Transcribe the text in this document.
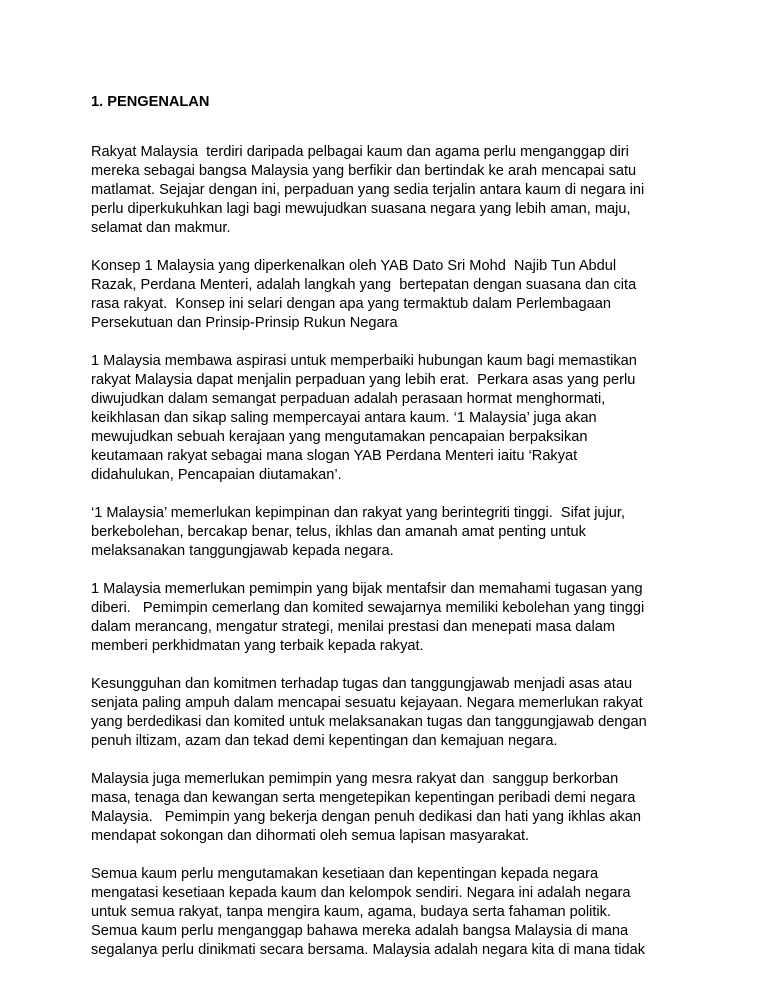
1. PENGENALAN
Rakyat Malaysia  terdiri daripada pelbagai kaum dan agama perlu menganggap diri
mereka sebagai bangsa Malaysia yang berfikir dan bertindak ke arah mencapai satu
matlamat. Sejajar dengan ini, perpaduan yang sedia terjalin antara kaum di negara ini
perlu diperkukuhkan lagi bagi mewujudkan suasana negara yang lebih aman, maju,
selamat dan makmur.
Konsep 1 Malaysia yang diperkenalkan oleh YAB Dato Sri Mohd  Najib Tun Abdul
Razak, Perdana Menteri, adalah langkah yang  bertepatan dengan suasana dan cita
rasa rakyat.  Konsep ini selari dengan apa yang termaktub dalam Perlembagaan
Persekutuan dan Prinsip-Prinsip Rukun Negara
1 Malaysia membawa aspirasi untuk memperbaiki hubungan kaum bagi memastikan
rakyat Malaysia dapat menjalin perpaduan yang lebih erat.  Perkara asas yang perlu
diwujudkan dalam semangat perpaduan adalah perasaan hormat menghormati,
keikhlasan dan sikap saling mempercayai antara kaum. ‘1 Malaysia’ juga akan
mewujudkan sebuah kerajaan yang mengutamakan pencapaian berpaksikan
keutamaan rakyat sebagai mana slogan YAB Perdana Menteri iaitu ‘Rakyat
didahulukan, Pencapaian diutamakan’.
‘1 Malaysia’ memerlukan kepimpinan dan rakyat yang berintegriti tinggi.  Sifat jujur,
berkebolehan, bercakap benar, telus, ikhlas dan amanah amat penting untuk
melaksanakan tanggungjawab kepada negara.
1 Malaysia memerlukan pemimpin yang bijak mentafsir dan memahami tugasan yang
diberi.   Pemimpin cemerlang dan komited sewajarnya memiliki kebolehan yang tinggi
dalam merancang, mengatur strategi, menilai prestasi dan menepati masa dalam
memberi perkhidmatan yang terbaik kepada rakyat.
Kesungguhan dan komitmen terhadap tugas dan tanggungjawab menjadi asas atau
senjata paling ampuh dalam mencapai sesuatu kejayaan. Negara memerlukan rakyat
yang berdedikasi dan komited untuk melaksanakan tugas dan tanggungjawab dengan
penuh iltizam, azam dan tekad demi kepentingan dan kemajuan negara.
Malaysia juga memerlukan pemimpin yang mesra rakyat dan  sanggup berkorban
masa, tenaga dan kewangan serta mengetepikan kepentingan peribadi demi negara
Malaysia.   Pemimpin yang bekerja dengan penuh dedikasi dan hati yang ikhlas akan
mendapat sokongan dan dihormati oleh semua lapisan masyarakat.
Semua kaum perlu mengutamakan kesetiaan dan kepentingan kepada negara
mengatasi kesetiaan kepada kaum dan kelompok sendiri. Negara ini adalah negara
untuk semua rakyat, tanpa mengira kaum, agama, budaya serta fahaman politik.
Semua kaum perlu menganggap bahawa mereka adalah bangsa Malaysia di mana
segalanya perlu dinikmati secara bersama. Malaysia adalah negara kita di mana tidak
